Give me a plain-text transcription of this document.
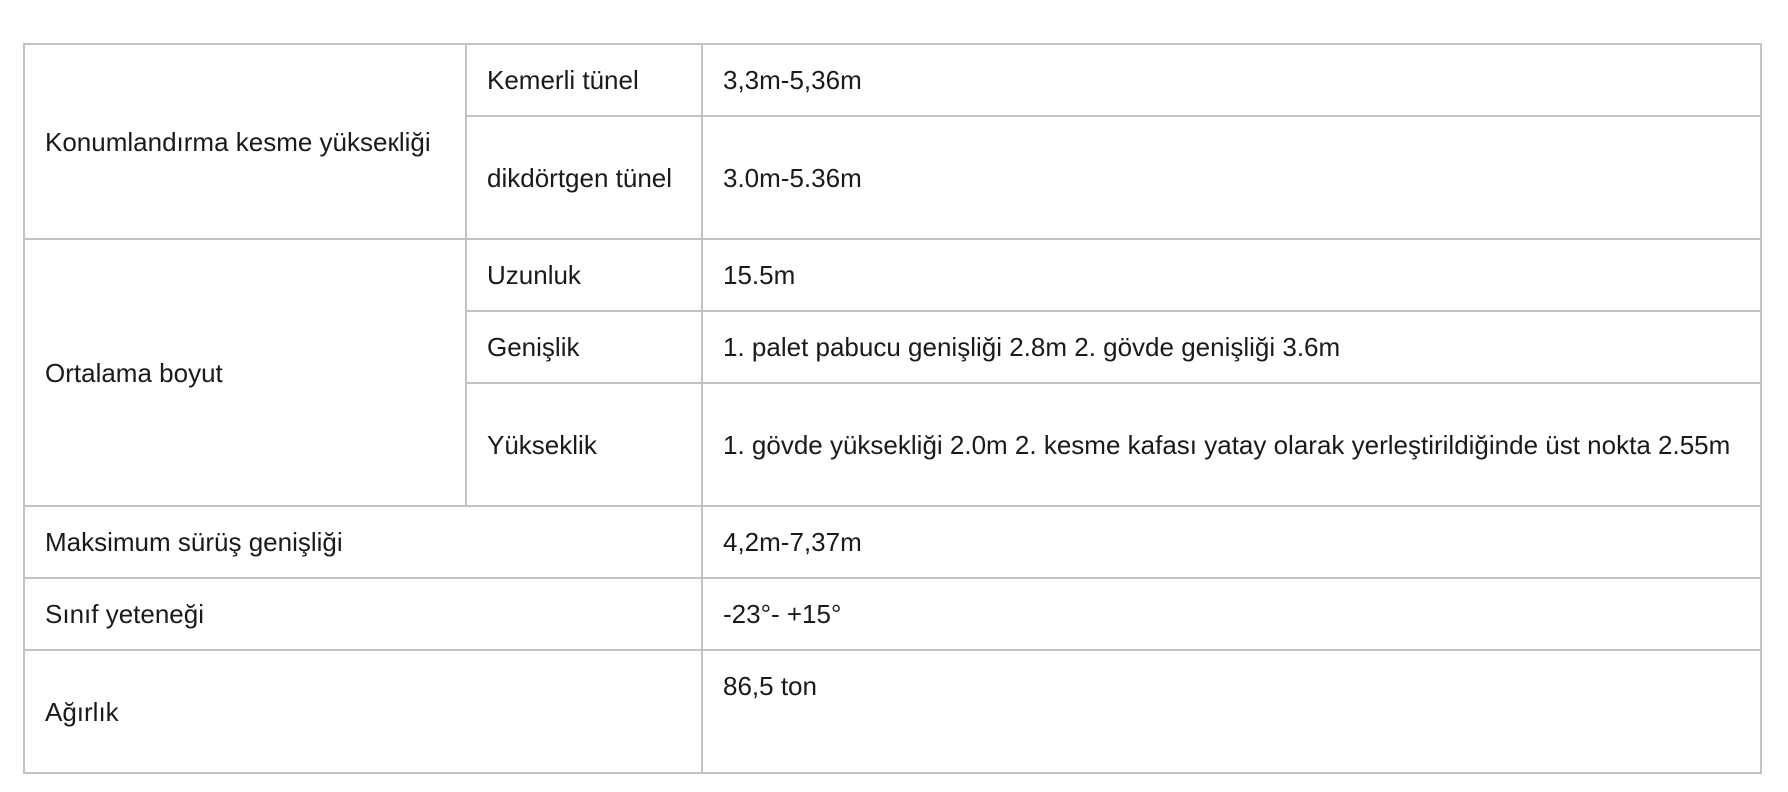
Konumlandırma kesme yükseкliği	Kemerli tünel	3,3m-5,36m
	dikdörtgen tünel	3.0m-5.36m
Ortalama boyut	Uzunluk	15.5m
	Genişlik	1. palet pabucu genişliği 2.8m 2. gövde genişliği 3.6m
	Yükseklik	1. gövde yüksekliği 2.0m 2. kesme kafası yatay olarak yerleştirildiğinde üst nokta 2.55m
Maksimum sürüş genişliği		4,2m-7,37m
Sınıf yeteneği		-23°- +15°
Ağırlık		86,5 ton
